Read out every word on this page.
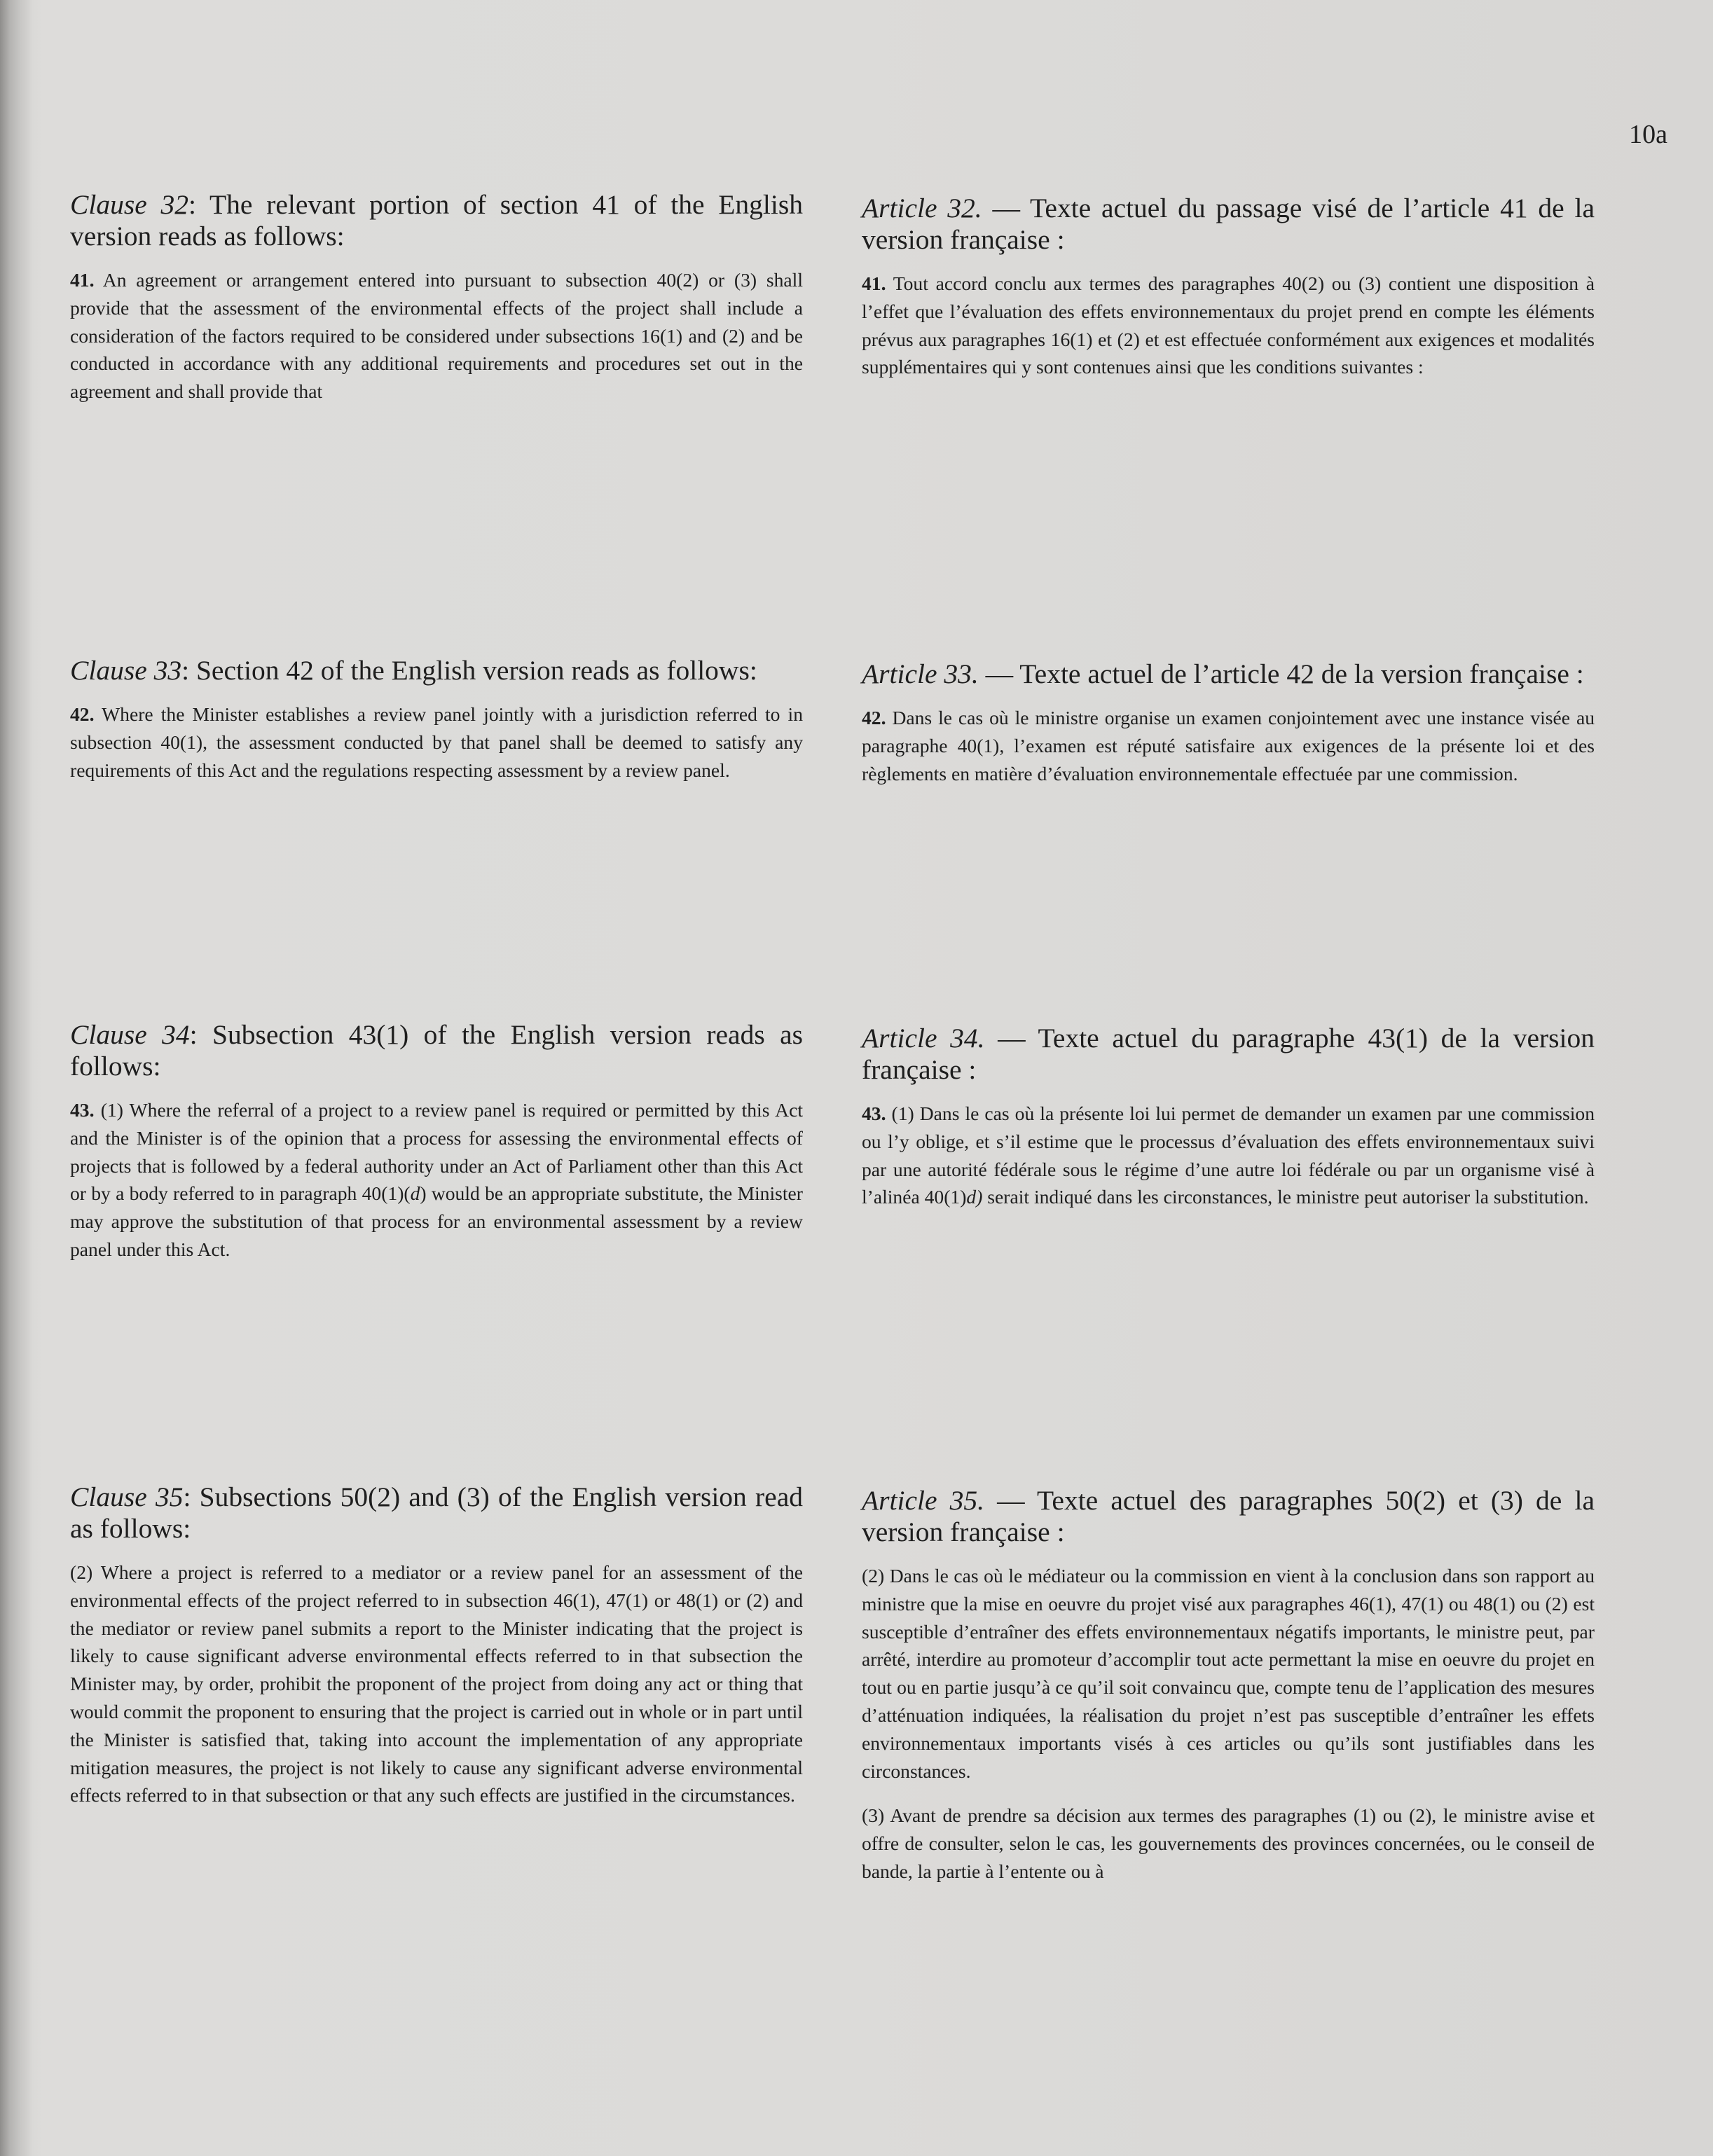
10a

Clause 32: The relevant portion of section 41 of the English version reads as follows:

41. An agreement or arrangement entered into pursuant to subsection 40(2) or (3) shall provide that the assessment of the environmental effects of the project shall include a consideration of the factors required to be considered under subsections 16(1) and (2) and be conducted in accordance with any additional requirements and procedures set out in the agreement and shall provide that

Clause 33: Section 42 of the English version reads as follows:

42. Where the Minister establishes a review panel jointly with a jurisdiction referred to in subsection 40(1), the assessment conducted by that panel shall be deemed to satisfy any requirements of this Act and the regulations respecting assessment by a review panel.

Clause 34: Subsection 43(1) of the English version reads as follows:

43. (1) Where the referral of a project to a review panel is required or permitted by this Act and the Minister is of the opinion that a process for assessing the environmental effects of projects that is followed by a federal authority under an Act of Parliament other than this Act or by a body referred to in paragraph 40(1)(d) would be an appropriate substitute, the Minister may approve the substitution of that process for an environmental assessment by a review panel under this Act.

Clause 35: Subsections 50(2) and (3) of the English version read as follows:

(2) Where a project is referred to a mediator or a review panel for an assessment of the environmental effects of the project referred to in subsection 46(1), 47(1) or 48(1) or (2) and the mediator or review panel submits a report to the Minister indicating that the project is likely to cause significant adverse environmental effects referred to in that subsection the Minister may, by order, prohibit the proponent of the project from doing any act or thing that would commit the proponent to ensuring that the project is carried out in whole or in part until the Minister is satisfied that, taking into account the implementation of any appropriate mitigation measures, the project is not likely to cause any significant adverse environmental effects referred to in that subsection or that any such effects are justified in the circumstances.

Article 32. — Texte actuel du passage visé de l’article 41 de la version française :

41. Tout accord conclu aux termes des paragraphes 40(2) ou (3) contient une disposition à l’effet que l’évaluation des effets environnementaux du projet prend en compte les éléments prévus aux paragraphes 16(1) et (2) et est effectuée conformément aux exigences et modalités supplémentaires qui y sont contenues ainsi que les conditions suivantes :

Article 33. — Texte actuel de l’article 42 de la version française :

42. Dans le cas où le ministre organise un examen conjointement avec une instance visée au paragraphe 40(1), l’examen est réputé satisfaire aux exigences de la présente loi et des règlements en matière d’évaluation environnementale effectuée par une commission.

Article 34. — Texte actuel du paragraphe 43(1) de la version française :

43. (1) Dans le cas où la présente loi lui permet de demander un examen par une commission ou l’y oblige, et s’il estime que le processus d’évaluation des effets environnementaux suivi par une autorité fédérale sous le régime d’une autre loi fédérale ou par un organisme visé à l’alinéa 40(1)d) serait indiqué dans les circonstances, le ministre peut autoriser la substitution.

Article 35. — Texte actuel des paragraphes 50(2) et (3) de la version française :

(2) Dans le cas où le médiateur ou la commission en vient à la conclusion dans son rapport au ministre que la mise en oeuvre du projet visé aux paragraphes 46(1), 47(1) ou 48(1) ou (2) est susceptible d’entraîner des effets environnementaux négatifs importants, le ministre peut, par arrêté, interdire au promoteur d’accomplir tout acte permettant la mise en oeuvre du projet en tout ou en partie jusqu’à ce qu’il soit convaincu que, compte tenu de l’application des mesures d’atténuation indiquées, la réalisation du projet n’est pas susceptible d’entraîner les effets environnementaux importants visés à ces articles ou qu’ils sont justifiables dans les circonstances.

(3) Avant de prendre sa décision aux termes des paragraphes (1) ou (2), le ministre avise et offre de consulter, selon le cas, les gouvernements des provinces concernées, ou le conseil de bande, la partie à l’entente ou à
